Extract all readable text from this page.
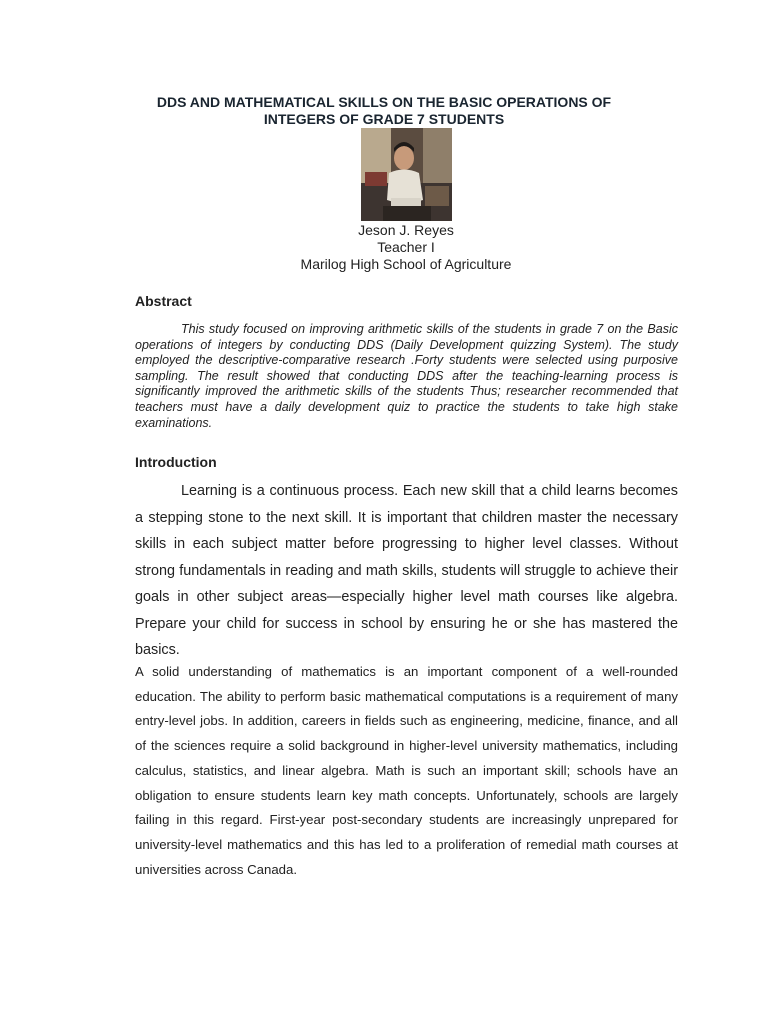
DDS AND MATHEMATICAL SKILLS ON THE BASIC OPERATIONS OF
INTEGERS OF GRADE 7 STUDENTS
Jeson J. Reyes
Teacher I
Marilog High School of Agriculture
Abstract
This study focused on improving arithmetic skills of the students in grade 7 on the Basic operations of integers by conducting DDS (Daily Development quizzing System). The study employed the descriptive-comparative research .Forty students were selected using purposive sampling. The result showed that conducting DDS after the teaching-learning process is significantly improved the arithmetic skills of the students Thus; researcher recommended that teachers must have a daily development quiz to practice the students to take high stake examinations.
Introduction
Learning is a continuous process. Each new skill that a child learns becomes a stepping stone to the next skill. It is important that children master the necessary skills in each subject matter before progressing to higher level classes. Without strong fundamentals in reading and math skills, students will struggle to achieve their goals in other subject areas—especially higher level math courses like algebra. Prepare your child for success in school by ensuring he or she has mastered the basics.
A solid understanding of mathematics is an important component of a well-rounded education. The ability to perform basic mathematical computations is a requirement of many entry-level jobs. In addition, careers in fields such as engineering, medicine, finance, and all of the sciences require a solid background in higher-level university mathematics, including calculus, statistics, and linear algebra. Math is such an important skill; schools have an obligation to ensure students learn key math concepts. Unfortunately, schools are largely failing in this regard. First-year post-secondary students are increasingly unprepared for university-level mathematics and this has led to a proliferation of remedial math courses at universities across Canada.
